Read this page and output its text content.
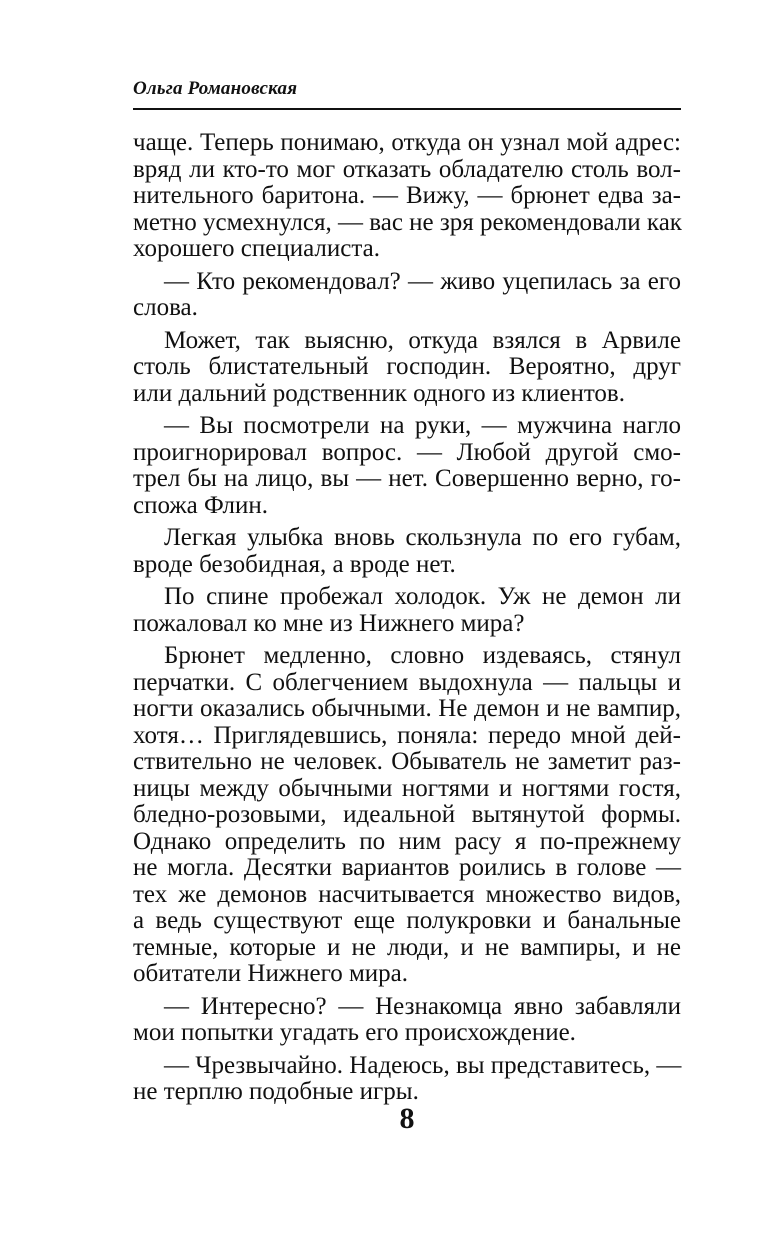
Ольга Романовская
чаще. Теперь понимаю, откуда он узнал мой адрес:
вряд ли кто-то мог отказать обладателю столь вол-
нительного баритона. — Вижу, — брюнет едва за-
метно усмехнулся, — вас не зря рекомендовали как
хорошего специалиста.
— Кто рекомендовал? — живо уцепилась за его
слова.
Может, так выясню, откуда взялся в Арвиле
столь блистательный господин. Вероятно, друг
или дальний родственник одного из клиентов.
— Вы посмотрели на руки, — мужчина нагло
проигнорировал вопрос. — Любой другой смо-
трел бы на лицо, вы — нет. Совершенно верно, го-
спожа Флин.
Легкая улыбка вновь скользнула по его губам,
вроде безобидная, а вроде нет.
По спине пробежал холодок. Уж не демон ли
пожаловал ко мне из Нижнего мира?
Брюнет медленно, словно издеваясь, стянул
перчатки. С облегчением выдохнула — пальцы и
ногти оказались обычными. Не демон и не вампир,
хотя… Приглядевшись, поняла: передо мной дей-
ствительно не человек. Обыватель не заметит раз-
ницы между обычными ногтями и ногтями гостя,
бледно-розовыми, идеальной вытянутой формы.
Однако определить по ним расу я по-прежнему
не могла. Десятки вариантов роились в голове —
тех же демонов насчитывается множество видов,
а ведь существуют еще полукровки и банальные
темные, которые и не люди, и не вампиры, и не
обитатели Нижнего мира.
— Интересно? — Незнакомца явно забавляли
мои попытки угадать его происхождение.
— Чрезвычайно. Надеюсь, вы представитесь, —
не терплю подобные игры.
8
